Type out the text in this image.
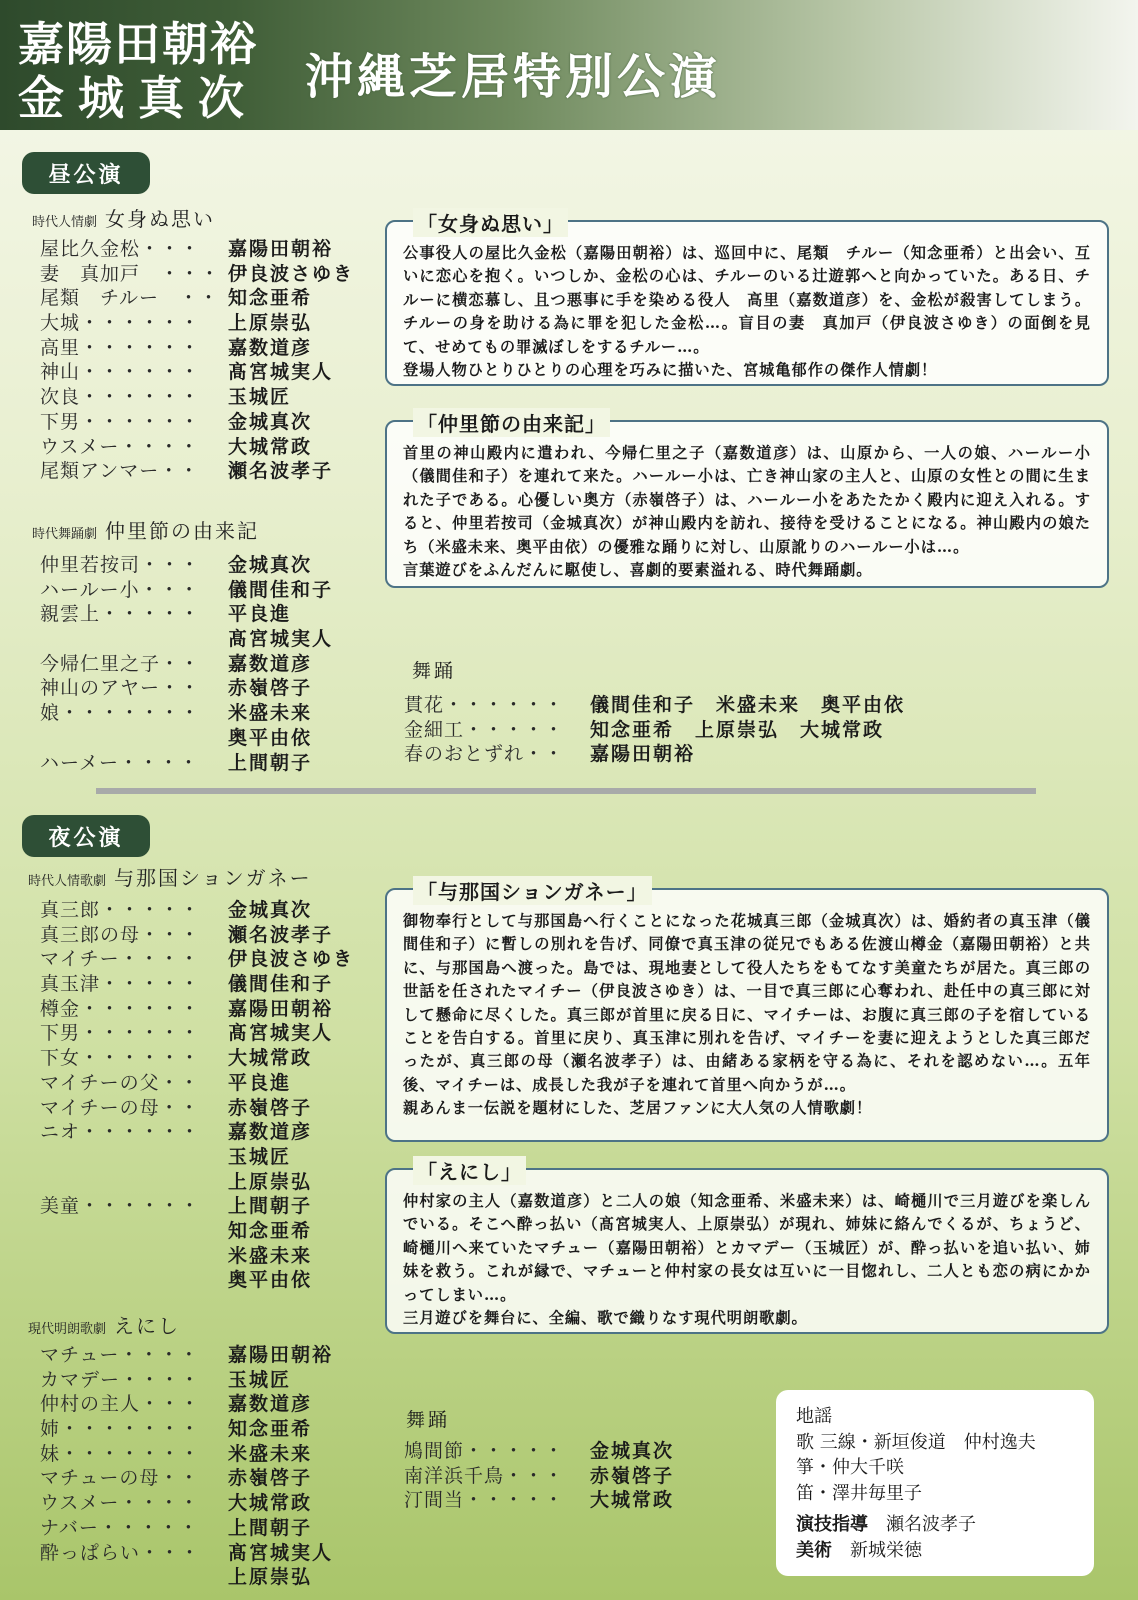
嘉陽田朝裕
金城真次 沖縄芝居特別公演
昼公演
時代人情劇 女身ぬ思い
屋比久金松・・・ 嘉陽田朝裕
妻　真加戸　・・・ 伊良波さゆき
尾類　チルー　・・ 知念亜希
大城・・・・・・ 上原崇弘
高里・・・・・・ 嘉数道彦
神山・・・・・・ 髙宮城実人
次良・・・・・・ 玉城匠
下男・・・・・・ 金城真次
ウスメー・・・・ 大城常政
尾類アンマー・・ 瀬名波孝子
時代舞踊劇 仲里節の由来記
仲里若按司・・・ 金城真次
ハールー小・・・ 儀間佳和子
親雲上・・・・・ 平良進
髙宮城実人
今帰仁里之子・・ 嘉数道彦
神山のアヤー・・ 赤嶺啓子
娘・・・・・・・ 米盛未来
奥平由依
ハーメー・・・・ 上間朝子
「女身ぬ思い」
公事役人の屋比久金松（嘉陽田朝裕）は、巡回中に、尾類　チルー（知念亜希）と出会い、互いに恋心を抱く。いつしか、金松の心は、チルーのいる辻遊郭へと向かっていた。ある日、チルーに横恋慕し、且つ悪事に手を染める役人　高里（嘉数道彦）を、金松が殺害してしまう。チルーの身を助ける為に罪を犯した金松…。盲目の妻　真加戸（伊良波さゆき）の面倒を見て、せめてもの罪滅ぼしをするチルー…。
登場人物ひとりひとりの心理を巧みに描いた、宮城亀郁作の傑作人情劇！
「仲里節の由来記」
首里の神山殿内に遣われ、今帰仁里之子（嘉数道彦）は、山原から、一人の娘、ハールー小（儀間佳和子）を連れて来た。ハールー小は、亡き神山家の主人と、山原の女性との間に生まれた子である。心優しい奥方（赤嶺啓子）は、ハールー小をあたたかく殿内に迎え入れる。すると、仲里若按司（金城真次）が神山殿内を訪れ、接待を受けることになる。神山殿内の娘たち（米盛未来、奥平由依）の優雅な踊りに対し、山原訛りのハールー小は…。
言葉遊びをふんだんに駆使し、喜劇的要素溢れる、時代舞踊劇。
舞踊
貫花・・・・・・ 儀間佳和子　米盛未来　奥平由依
金細工・・・・・ 知念亜希　上原崇弘　大城常政
春のおとずれ・・ 嘉陽田朝裕
夜公演
時代人情歌劇 与那国ションガネー
真三郎・・・・・ 金城真次
真三郎の母・・・ 瀬名波孝子
マイチー・・・・ 伊良波さゆき
真玉津・・・・・ 儀間佳和子
樽金・・・・・・ 嘉陽田朝裕
下男・・・・・・ 髙宮城実人
下女・・・・・・ 大城常政
マイチーの父・・ 平良進
マイチーの母・・ 赤嶺啓子
ニオ・・・・・・ 嘉数道彦
玉城匠
上原崇弘
美童・・・・・・ 上間朝子
知念亜希
米盛未来
奥平由依
現代明朗歌劇 えにし
マチュー・・・・ 嘉陽田朝裕
カマデー・・・・ 玉城匠
仲村の主人・・・ 嘉数道彦
姉・・・・・・・ 知念亜希
妹・・・・・・・ 米盛未来
マチューの母・・ 赤嶺啓子
ウスメー・・・・ 大城常政
ナバー・・・・・ 上間朝子
酔っぱらい・・・ 髙宮城実人
上原崇弘
「与那国ションガネー」
御物奉行として与那国島へ行くことになった花城真三郎（金城真次）は、婚約者の真玉津（儀間佳和子）に暫しの別れを告げ、同僚で真玉津の従兄でもある佐渡山樽金（嘉陽田朝裕）と共に、与那国島へ渡った。島では、現地妻として役人たちをもてなす美童たちが居た。真三郎の世話を任されたマイチー（伊良波さゆき）は、一目で真三郎に心奪われ、赴任中の真三郎に対して懸命に尽くした。真三郎が首里に戻る日に、マイチーは、お腹に真三郎の子を宿していることを告白する。首里に戻り、真玉津に別れを告げ、マイチーを妻に迎えようとした真三郎だったが、真三郎の母（瀬名波孝子）は、由緒ある家柄を守る為に、それを認めない…。五年後、マイチーは、成長した我が子を連れて首里へ向かうが…。
親あんま一伝説を題材にした、芝居ファンに大人気の人情歌劇！
「えにし」
仲村家の主人（嘉数道彦）と二人の娘（知念亜希、米盛未来）は、崎樋川で三月遊びを楽しんでいる。そこへ酔っ払い（髙宮城実人、上原崇弘）が現れ、姉妹に絡んでくるが、ちょうど、崎樋川へ来ていたマチュー（嘉陽田朝裕）とカマデー（玉城匠）が、酔っ払いを追い払い、姉妹を救う。これが縁で、マチューと仲村家の長女は互いに一目惚れし、二人とも恋の病にかかってしまい…。
三月遊びを舞台に、全編、歌で織りなす現代明朗歌劇。
舞踊
鳩間節・・・・・ 金城真次
南洋浜千鳥・・・ 赤嶺啓子
汀間当・・・・・ 大城常政
地謡
歌 三線・新垣俊道　仲村逸夫
箏・仲大千咲
笛・澤井毎里子
演技指導　 瀬名波孝子
美術　 新城栄徳
